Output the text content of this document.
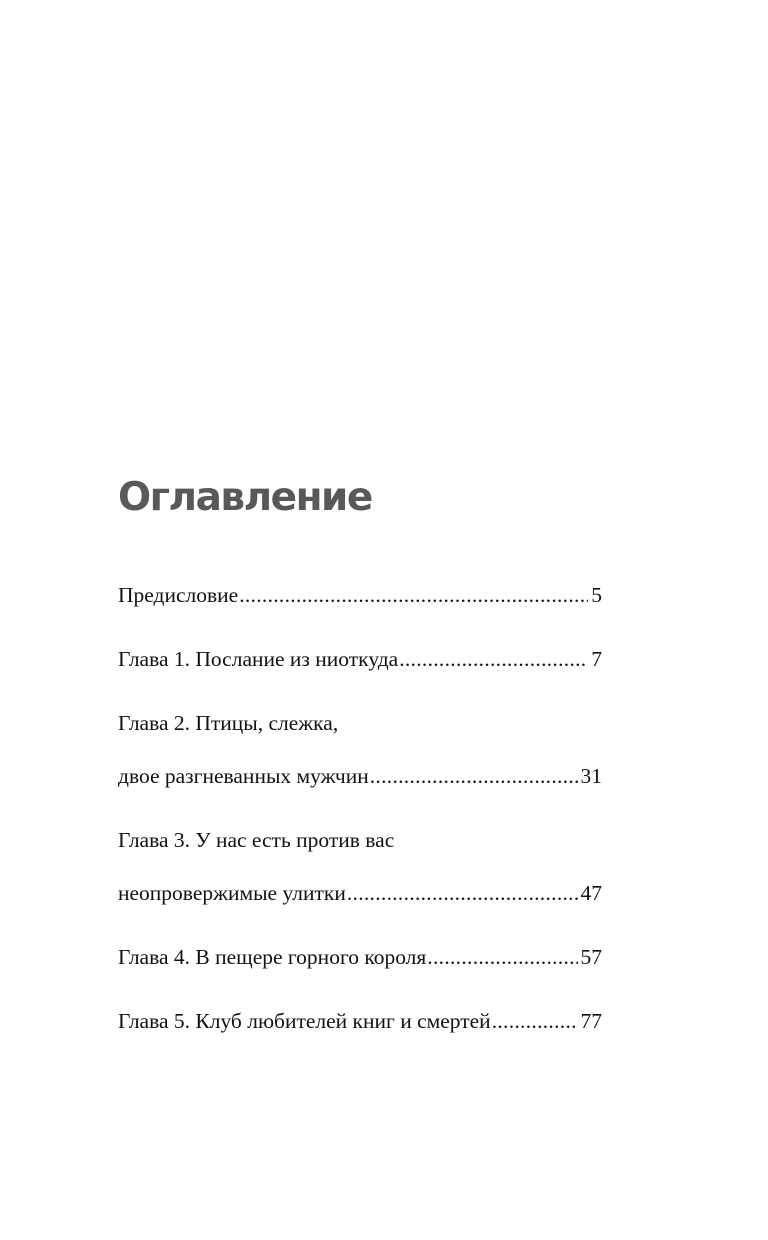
Оглавление
Предисловие .....	5
Глава 1. Послание из ниоткуда .....	7
Глава 2. Птицы, слежка,
двое разгневанных мужчин .....	31
Глава 3. У нас есть против вас
неопровержимые улитки .....	47
Глава 4. В пещере горного короля .....	57
Глава 5. Клуб любителей книг и смертей .....	77
